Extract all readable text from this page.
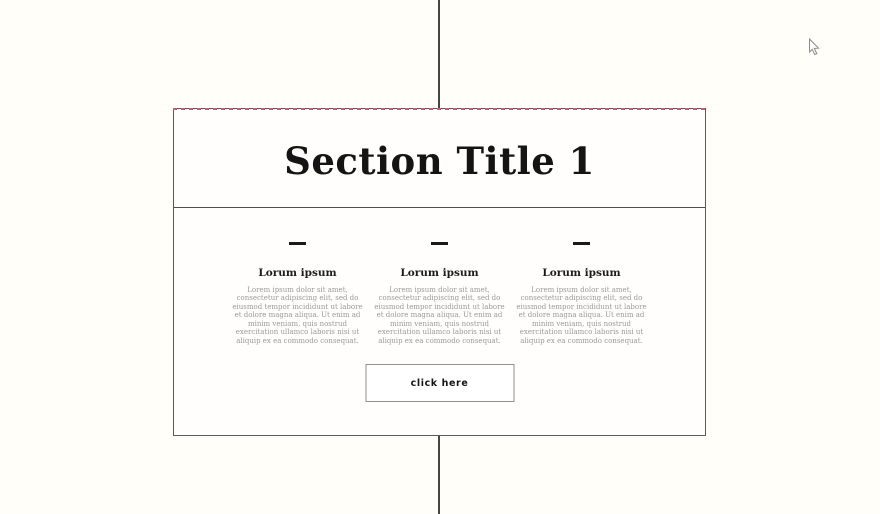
Section Title 1
Lorum ipsum
Lorem ipsum dolor sit amet, consectetur adipiscing elit, sed do eiusmod tempor incididunt ut labore et dolore magna aliqua. Ut enim ad minim veniam, quis nostrud exercitation ullamco laboris nisi ut aliquip ex ea commodo consequat.
Lorum ipsum
Lorem ipsum dolor sit amet, consectetur adipiscing elit, sed do eiusmod tempor incididunt ut labore et dolore magna aliqua. Ut enim ad minim veniam, quis nostrud exercitation ullamco laboris nisi ut aliquip ex ea commodo consequat.
Lorum ipsum
Lorem ipsum dolor sit amet, consectetur adipiscing elit, sed do eiusmod tempor incididunt ut labore et dolore magna aliqua. Ut enim ad minim veniam, quis nostrud exercitation ullamco laboris nisi ut aliquip ex ea commodo consequat.
click here
